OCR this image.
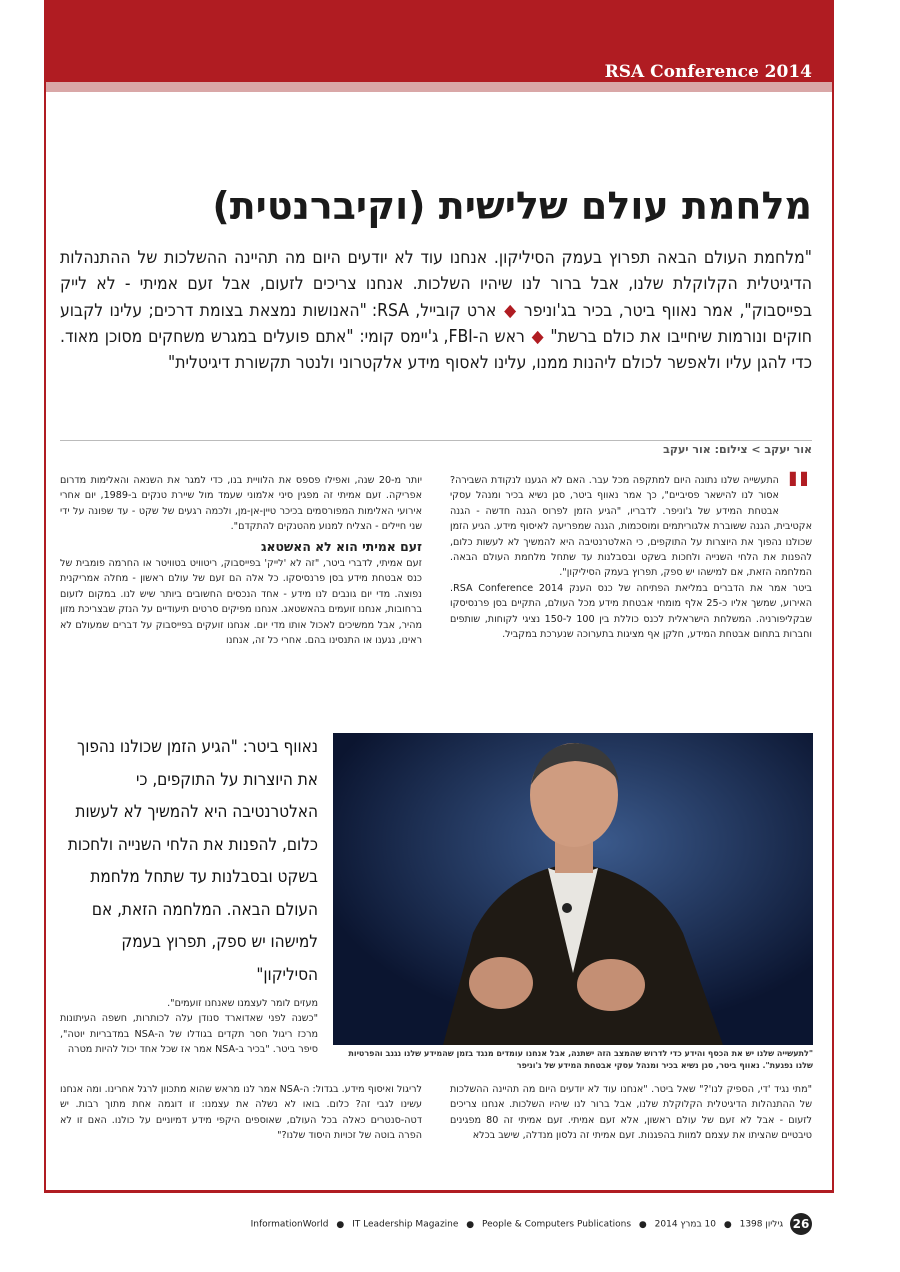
RSA Conference 2014
מלחמת עולם שלישית (וקיברנטית)
"מלחמת העולם הבאה תפרוץ בעמק הסיליקון. אנחנו עוד לא יודעים היום מה תהיינה ההשלכות של ההתנהלות הדיגיטלית הקלוקלת שלנו, אבל ברור לנו שיהיו השלכות. אנחנו צריכים לזעום, אבל זעם אמיתי - לא לייק בפייסבוק", אמר נאווף ביטר, בכיר בג'וניפר ◆ ארט קובייל‏, RSA: "האנושות נמצאת בצומת דרכים; עלינו לקבוע חוקים ונורמות שיחייבו את כולם ברשת" ◆ ראש ה-FBI, ג'יימס קומי: "אתם פועלים במגרש משחקים מסוכן מאוד. כדי להגן עליו ולאפשר לכולם ליהנות ממנו, עלינו לאסוף מידע אלקטרוני ולנטר תקשורת דיגיטלית"
אור יעקב > צילום: אור יעקב
"

התעשייה שלנו נתונה היום למתקפה מכל עבר. האם לא הגענו לנקודת השבירה? אסור לנו להישאר פסיביים", כך אמר נאווף ביטר, סגן נשיא בכיר ומנהל עסקי אבטחת המידע של ג'וניפר. לדבריו, "הגיע הזמן לפרוס הגנה חדשה - הגנה אקטיבית, הגנה ששוברת אלגוריתמים ומוסכמות, הגנה שמפריעה לאיסוף מידע. הגיע הזמן שכולנו נהפוך את היוצרות על התוקפים, כי האלטרנטיבה היא להמשיך לא לעשות כלום, להפנות את הלחי השנייה ולחכות בשקט ובסבלנות עד שתחל מלחמת העולם הבאה. המלחמה הזאת, אם למישהו יש ספק, תפרוץ בעמק הסיליקון".

ביטר אמר את הדברים במליאת הפתיחה של כנס הענק RSA Conference 2014. האירוע, שמשך אליו כ-25 אלף מומחי אבטחת מידע מכל העולם, התקיים בסן פרנסיסקו שבקליפורניה. המשלחת הישראלית לכנס כוללת בין 100 ל-150 נציגי לקוחות, שותפים וחברות בתחום אבטחת המידע, חלקן אף מציגות בתערוכה שנערכת במקביל.

יותר מ-20 שנה, ואפילו פספס את הלוויית בנו, כדי למגר את השנאה והאלימות מדרום אפריקה. זעם אמיתי זה מפגין סיני אלמוני שעמד מול שיירת טנקים ב-1989, יום אחרי אירועי האלימות המפורסמים בכיכר טיין-אן-מן, ולכמה רגעים של שקט - עד שפונה על ידי שני חיילים - הצליח למנוע מהטנקים להתקדם".

זעם אמיתי הוא לא האשטאג

זעם אמיתי, לדברי ביטר, "זה לא 'לייק' בפייסבוק, ריטוויט בטוויטר או החרמה פומבית של כנס אבטחת מידע בסן פרנסיסקו. כל אלה הם זעם של עולם ראשון - מחלה אמריקנית נפוצה. מדי יום גונבים לנו מידע - אחד הנכסים החשובים ביותר שיש לנו. במקום לזעום ברחובות, אנחנו זועמים בהאשטאג. אנחנו מפיקים סרטים תיעודיים על הנזק שבצריכת מזון מהיר, אבל ממשיכים לאכול אותו מדי יום. אנחנו זועקים בפייסבוק על דברים שמעולם לא ראינו, נגענו או התנסינו בהם. אחרי כל זה, אנחנו

נאווף ביטר: "הגיע הזמן שכולנו נהפוך את היוצרות על התוקפים, כי האלטרנטיבה היא להמשיך לא לעשות כלום, להפנות את הלחי השנייה ולחכות בשקט ובסבלנות עד שתחל מלחמת העולם הבאה. המלחמה הזאת, אם למישהו יש ספק, תפרוץ בעמק הסיליקון"

מעזים לומר לעצמנו שאנחנו זועמים".

"כשנה לפני שאדוארד סנודן עלה לכותרות, חשפה העיתונות מרכז ריגול חסר תקדים בגודלו של ה-NSA במדבריות יוטה", סיפר ביטר. "בכיר ב-NSA אמר אז שכל אחד יכול להיות מטרה	"לתעשייה שלנו יש את הכסף והידע כדי לדרוש שהמצב הזה ישתנה, אבל אנחנו עומדים מנגד בזמן שהמידע שלנו נגנב והפרטיות שלנו נפגעת". נאווף ביטר, סגן נשיא בכיר ומנהל עסקי אבטחת המידע של ג'וניפר

"מתי נגיד 'די, הספיק לנו'?" שאל ביטר. "אנחנו עוד לא יודעים היום מה תהיינה ההשלכות של ההתנהלות הדיגיטלית הקלוקלת שלנו, אבל ברור לנו שיהיו השלכות. אנחנו צריכים לזעום - אבל לא זעם של עולם ראשון, אלא זעם אמיתי. זעם אמיתי זה 80 מפגינים טיבטיים שהציתו את עצמם למוות בהפגנות. זעם אמיתי זה נלסון מנדלה, שישב בכלא

לריגול ואיסוף מידע. בגדול: ה-NSA אמר לנו מראש שהוא מתכוון לרגל אחרינו. ומה אנחנו עשינו לגבי זה? כלום. בואו לא נשלה את עצמנו: זו דוגמה אחת מתוך רבות. יש דטה-סנטרים כאלה בכל העולם, שאוספים היקפי מידע דמיוניים על כולנו. האם זו לא הפרה בוטה של זכויות היסוד שלנו?"

26 גיליון 1398 ● 10 במרץ 2014 ● InformationWorld ● IT Leadership Magazine ● People & Computers Publications
